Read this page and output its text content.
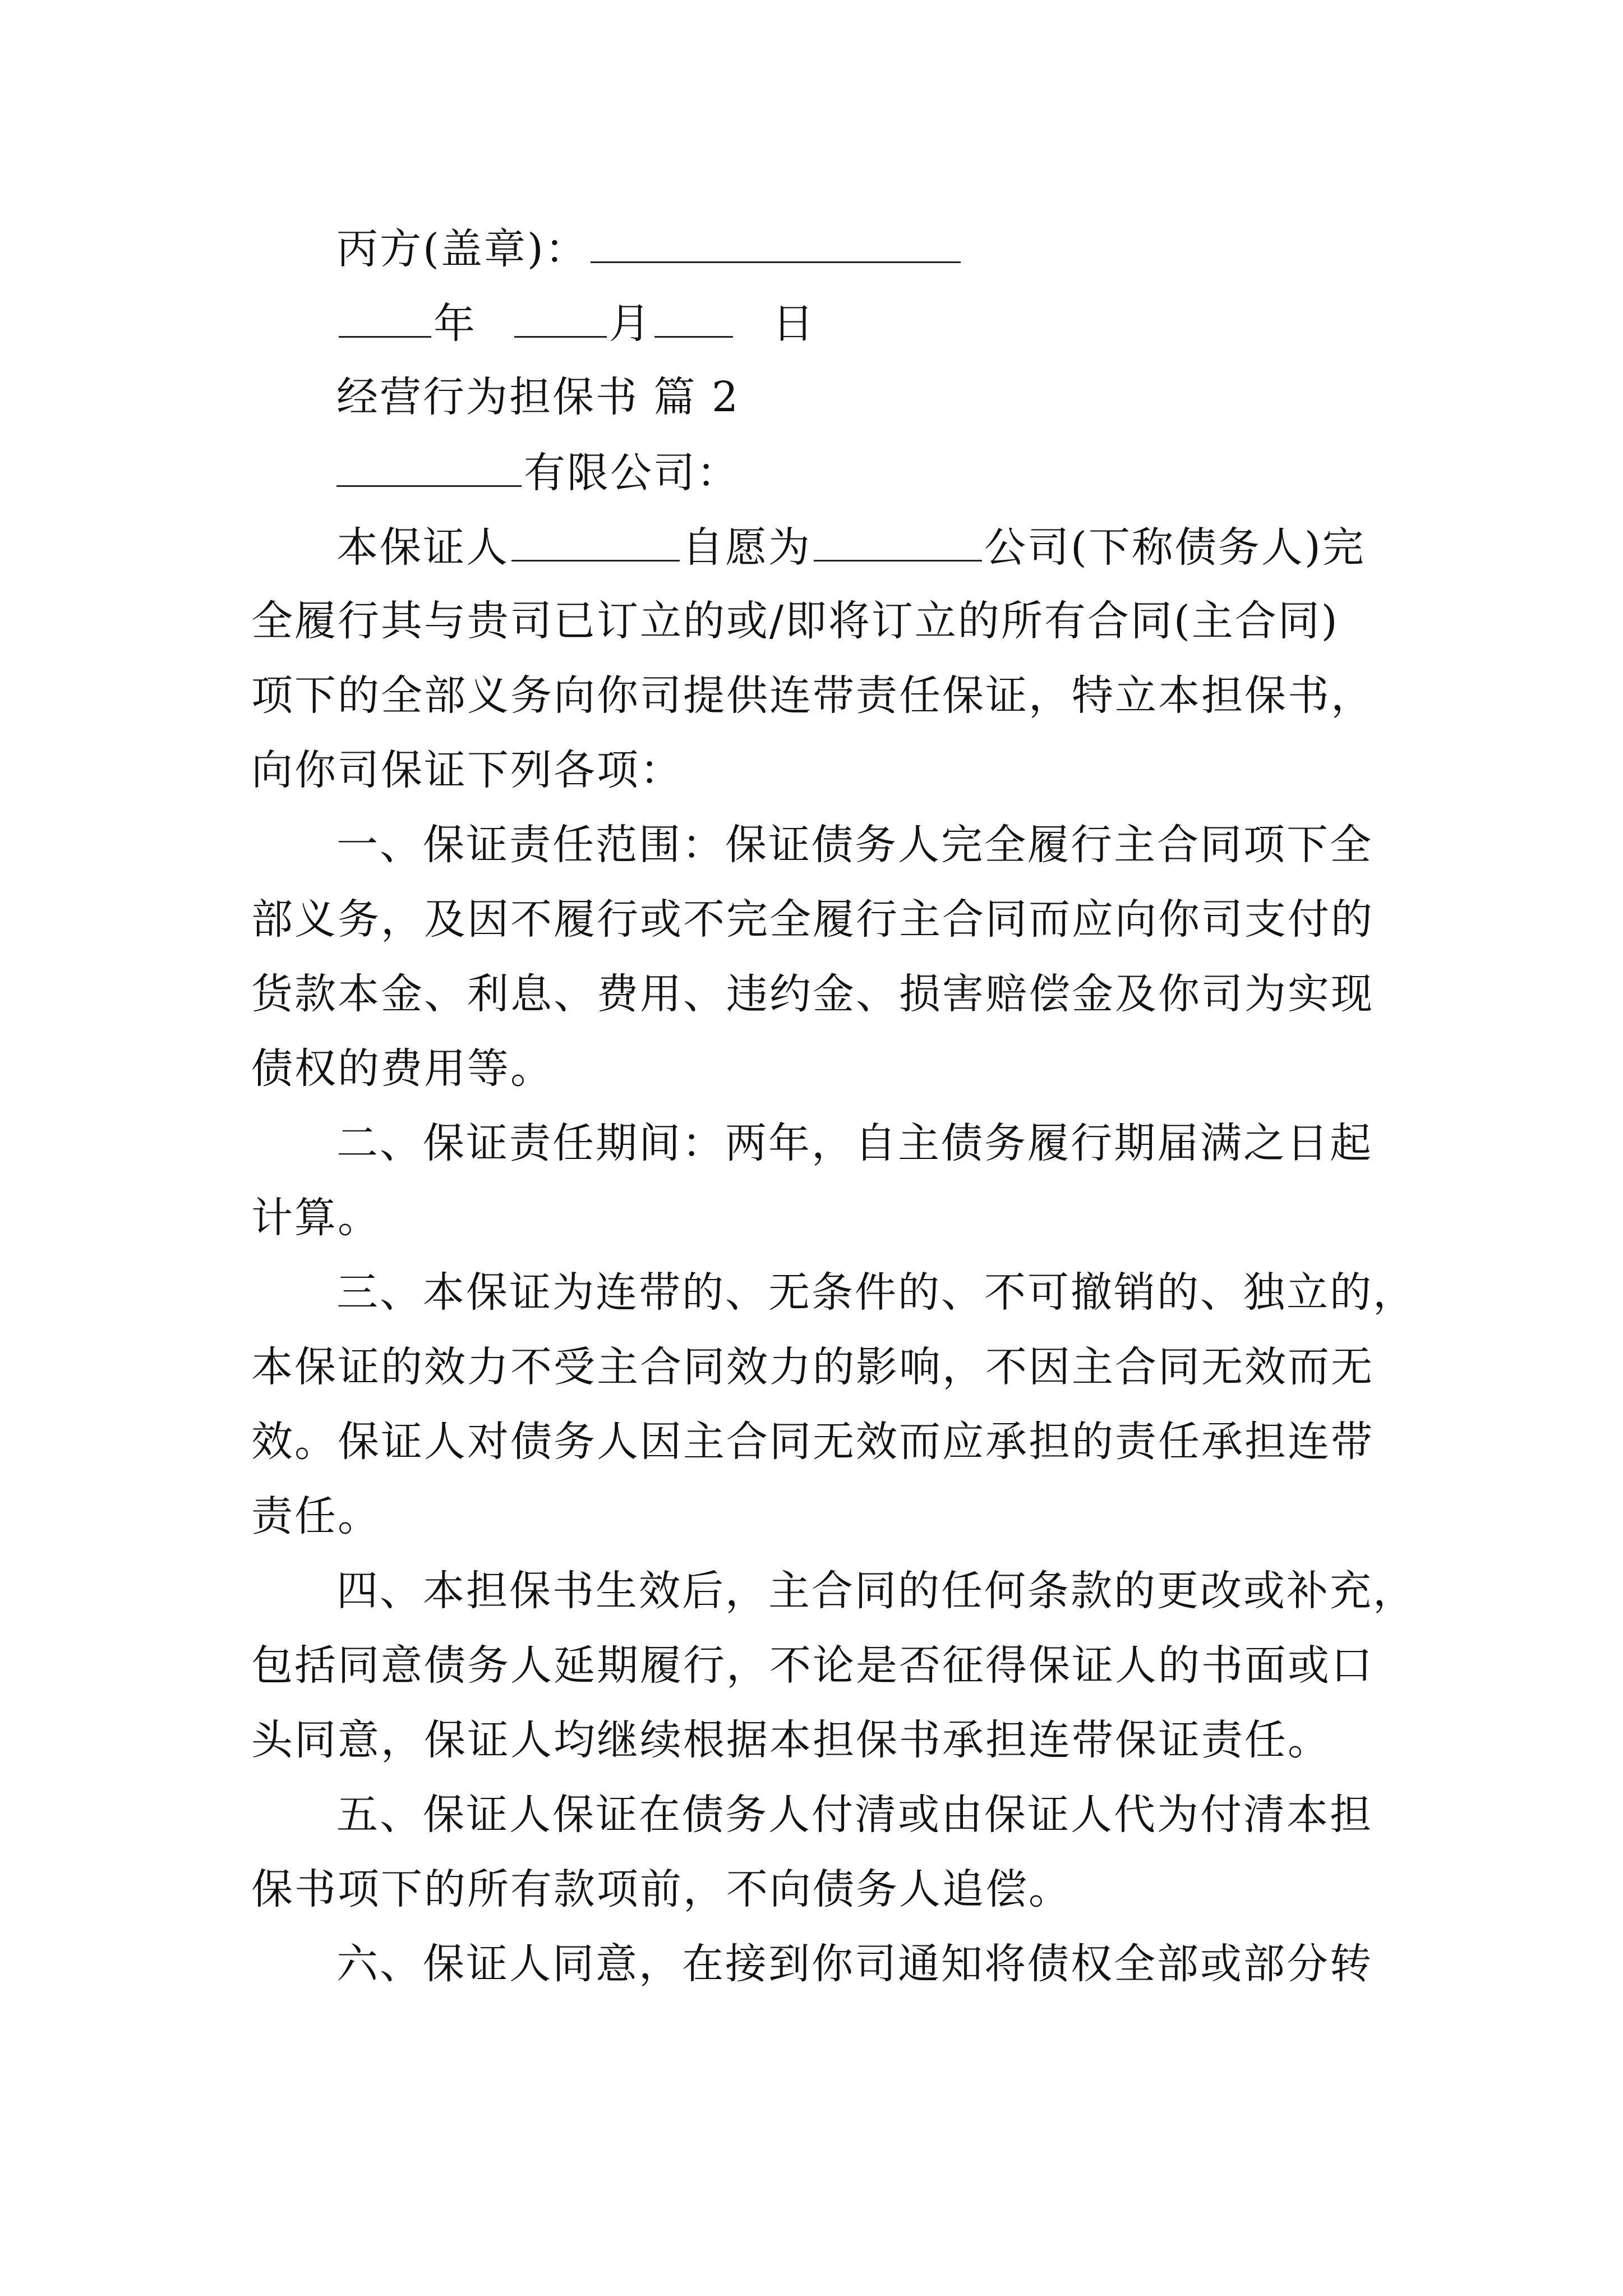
丙方(盖章)：
年	月	日
经营行为担保书 篇 2
有限公司：
本保证人	自愿为	公司(下称债务人)完
全履行其与贵司已订立的或/即将订立的所有合同(主合同)
项下的全部义务向你司提供连带责任保证，特立本担保书，
向你司保证下列各项：
一、保证责任范围：保证债务人完全履行主合同项下全
部义务，及因不履行或不完全履行主合同而应向你司支付的
货款本金、利息、费用、违约金、损害赔偿金及你司为实现
债权的费用等。
二、保证责任期间：两年，自主债务履行期届满之日起
计算。
三、本保证为连带的、无条件的、不可撤销的、独立的，
本保证的效力不受主合同效力的影响，不因主合同无效而无
效。保证人对债务人因主合同无效而应承担的责任承担连带
责任。
四、本担保书生效后，主合同的任何条款的更改或补充，
包括同意债务人延期履行，不论是否征得保证人的书面或口
头同意，保证人均继续根据本担保书承担连带保证责任。
五、保证人保证在债务人付清或由保证人代为付清本担
保书项下的所有款项前，不向债务人追偿。
六、保证人同意，在接到你司通知将债权全部或部分转
